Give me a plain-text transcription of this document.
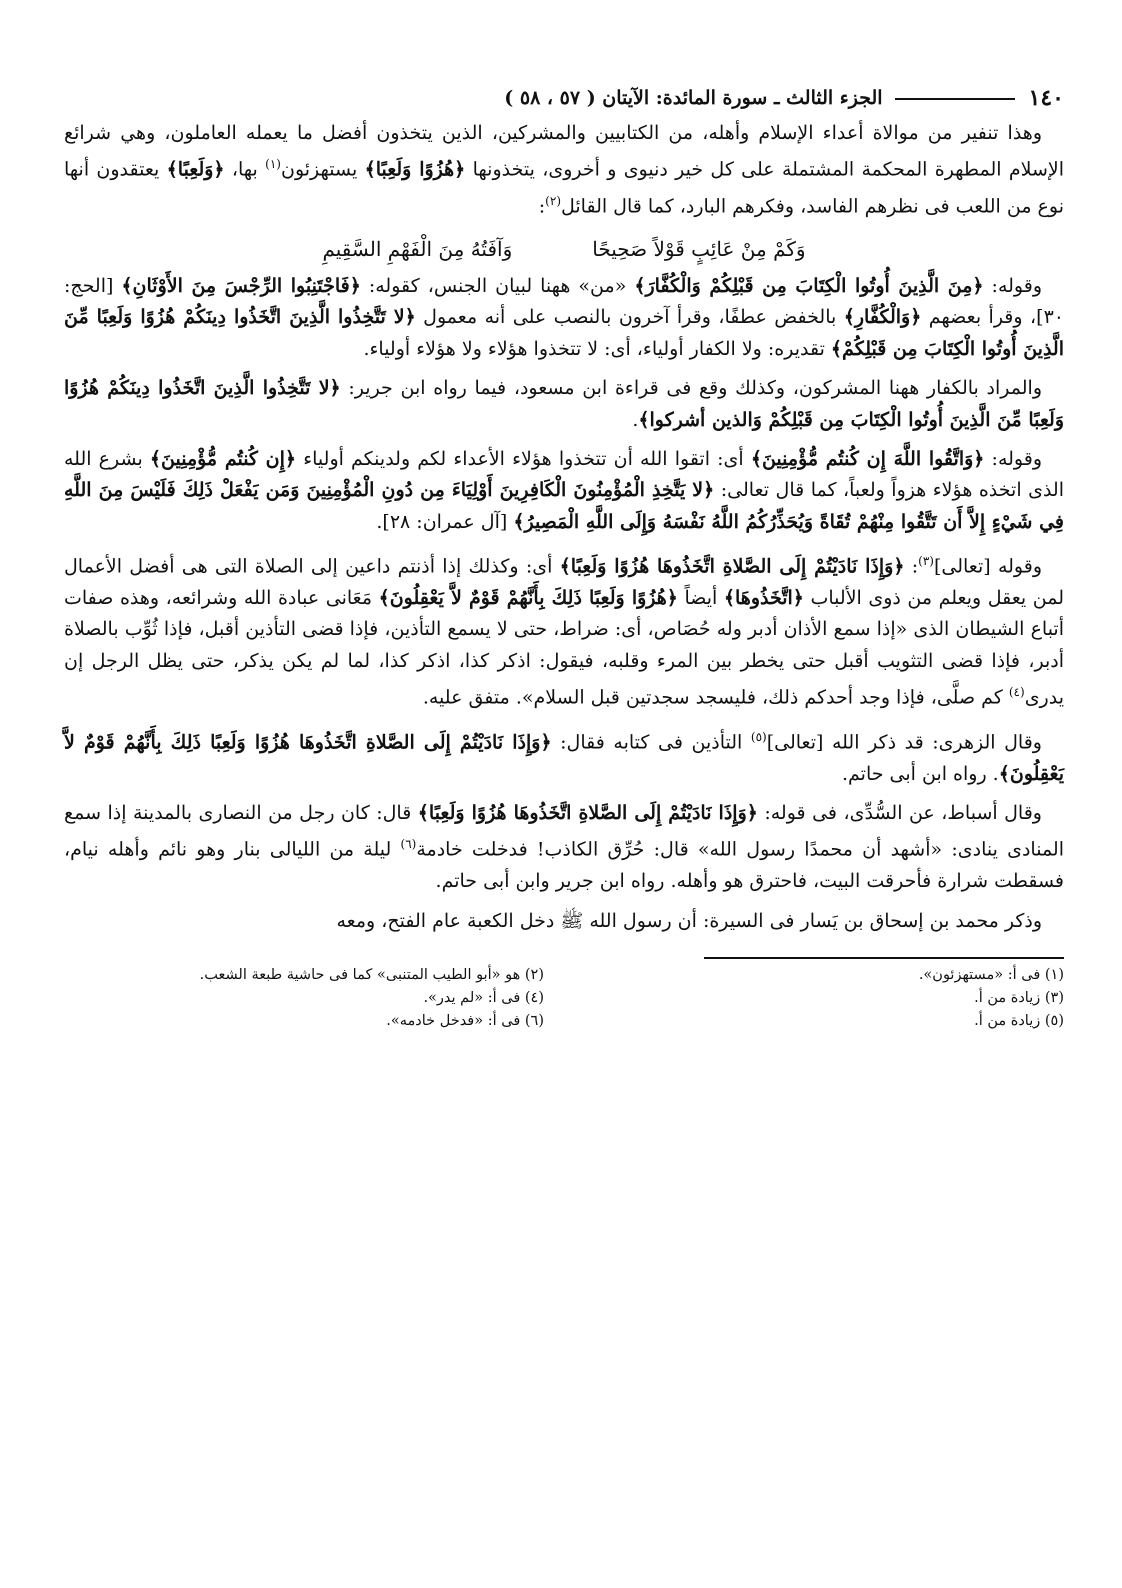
١٤٠
الجزء الثالث ـ سورة المائدة: الآيتان ( ٥٧ ، ٥٨ )

وهذا تنفير من موالاة أعداء الإسلام وأهله، من الكتابيين والمشركين، الذين يتخذون أفضل ما يعمله العاملون، وهي شرائع الإسلام المطهرة المحكمة المشتملة على كل خير دنيوى و أخروى، يتخذونها ﴿هُزُوًا وَلَعِبًا﴾ يستهزئون$^{(١)}$ بها، ﴿وَلَعِبًا﴾ يعتقدون أنها نوع من اللعب فى نظرهم الفاسد، وفكرهم البارد، كما قال القائل$^{(٢)}$:

وَكَمْ مِنْ عَائِبٍ قَوْلاً صَحِيحًا
وَآفَتُهُ مِنَ الْفَهْمِ السَّقِيمِ

وقوله: ﴿مِنَ الَّذِينَ أُوتُوا الْكِتَابَ مِن قَبْلِكُمْ وَالْكُفَّارَ﴾ «من» ههنا لبيان الجنس، كقوله: ﴿فَاجْتَنِبُوا الرِّجْسَ مِنَ الأَوْثَانِ﴾ [الحج: ٣٠]، وقرأ بعضهم ﴿وَالْكُفَّارِ﴾ بالخفض عطفًا، وقرأ آخرون بالنصب على أنه معمول ﴿لا تَتَّخِذُوا الَّذِينَ اتَّخَذُوا دِينَكُمْ هُزُوًا وَلَعِبًا مِّنَ الَّذِينَ أُوتُوا الْكِتَابَ مِن قَبْلِكُمْ﴾ تقديره: ولا الكفار أولياء، أى: لا تتخذوا هؤلاء ولا هؤلاء أولياء.

والمراد بالكفار ههنا المشركون، وكذلك وقع فى قراءة ابن مسعود، فيما رواه ابن جرير: ﴿لا تَتَّخِذُوا الَّذِينَ اتَّخَذُوا دِينَكُمْ هُزُوًا وَلَعِبًا مِّنَ الَّذِينَ أُوتُوا الْكِتَابَ مِن قَبْلِكُمْ وَالذين أشركوا﴾.

وقوله: ﴿وَاتَّقُوا اللَّهَ إِن كُنتُم مُّؤْمِنِينَ﴾ أى: اتقوا الله أن تتخذوا هؤلاء الأعداء لكم ولدينكم أولياء ﴿إِن كُنتُم مُّؤْمِنِينَ﴾ بشرع الله الذى اتخذه هؤلاء هزواً ولعباً، كما قال تعالى: ﴿لا يَتَّخِذِ الْمُؤْمِنُونَ الْكَافِرِينَ أَوْلِيَاءَ مِن دُونِ الْمُؤْمِنِينَ وَمَن يَفْعَلْ ذَلِكَ فَلَيْسَ مِنَ اللَّهِ فِي شَيْءٍ إِلاَّ أَن تَتَّقُوا مِنْهُمْ تُقَاةً وَيُحَذِّرُكُمُ اللَّهُ نَفْسَهُ وَإِلَى اللَّهِ الْمَصِيرُ﴾ [آل عمران: ٢٨].

وقوله [تعالى]$^{(٣)}$: ﴿وَإِذَا نَادَيْتُمْ إِلَى الصَّلاةِ اتَّخَذُوهَا هُزُوًا وَلَعِبًا﴾ أى: وكذلك إذا أذنتم داعين إلى الصلاة التى هى أفضل الأعمال لمن يعقل ويعلم من ذوى الألباب ﴿اتَّخَذُوهَا﴾ أيضاً ﴿هُزُوًا وَلَعِبًا ذَلِكَ بِأَنَّهُمْ قَوْمٌ لاَّ يَعْقِلُونَ﴾ مَعَانى عبادة الله وشرائعه، وهذه صفات أتباع الشيطان الذى «إذا سمع الأذان أدبر وله حُصَاص، أى: ضراط، حتى لا يسمع التأذين، فإذا قضى التأذين أقبل، فإذا ثُوِّب بالصلاة أدبر، فإذا قضى التثويب أقبل حتى يخطر بين المرء وقلبه، فيقول: اذكر كذا، اذكر كذا، لما لم يكن يذكر، حتى يظل الرجل إن يدرى$^{(٤)}$ كم صلَّى، فإذا وجد أحدكم ذلك، فليسجد سجدتين قبل السلام». متفق عليه.

وقال الزهرى: قد ذكر الله [تعالى]$^{(٥)}$ التأذين فى كتابه فقال: ﴿وَإِذَا نَادَيْتُمْ إِلَى الصَّلاةِ اتَّخَذُوهَا هُزُوًا وَلَعِبًا ذَلِكَ بِأَنَّهُمْ قَوْمٌ لاَّ يَعْقِلُونَ﴾. رواه ابن أبى حاتم.

وقال أسباط، عن السُّدِّى، فى قوله: ﴿وَإِذَا نَادَيْتُمْ إِلَى الصَّلاةِ اتَّخَذُوهَا هُزُوًا وَلَعِبًا﴾ قال: كان رجل من النصارى بالمدينة إذا سمع المنادى ينادى: «أشهد أن محمدًا رسول الله» قال: حُرِّق الكاذب! فدخلت خادمة$^{(٦)}$ ليلة من الليالى بنار وهو نائم وأهله نيام، فسقطت شرارة فأحرقت البيت، فاحترق هو وأهله. رواه ابن جرير وابن أبى حاتم.

وذكر محمد بن إسحاق بن يَسار فى السيرة: أن رسول الله ﷺ دخل الكعبة عام الفتح، ومعه

(١) فى أ: «مستهزئون».
(٢) هو «أبو الطيب المتنبى» كما فى حاشية طبعة الشعب.
(٣) زيادة من أ.
(٤) فى أ: «لم يدر».
(٥) زيادة من أ.
(٦) فى أ: «فدخل خادمه».
